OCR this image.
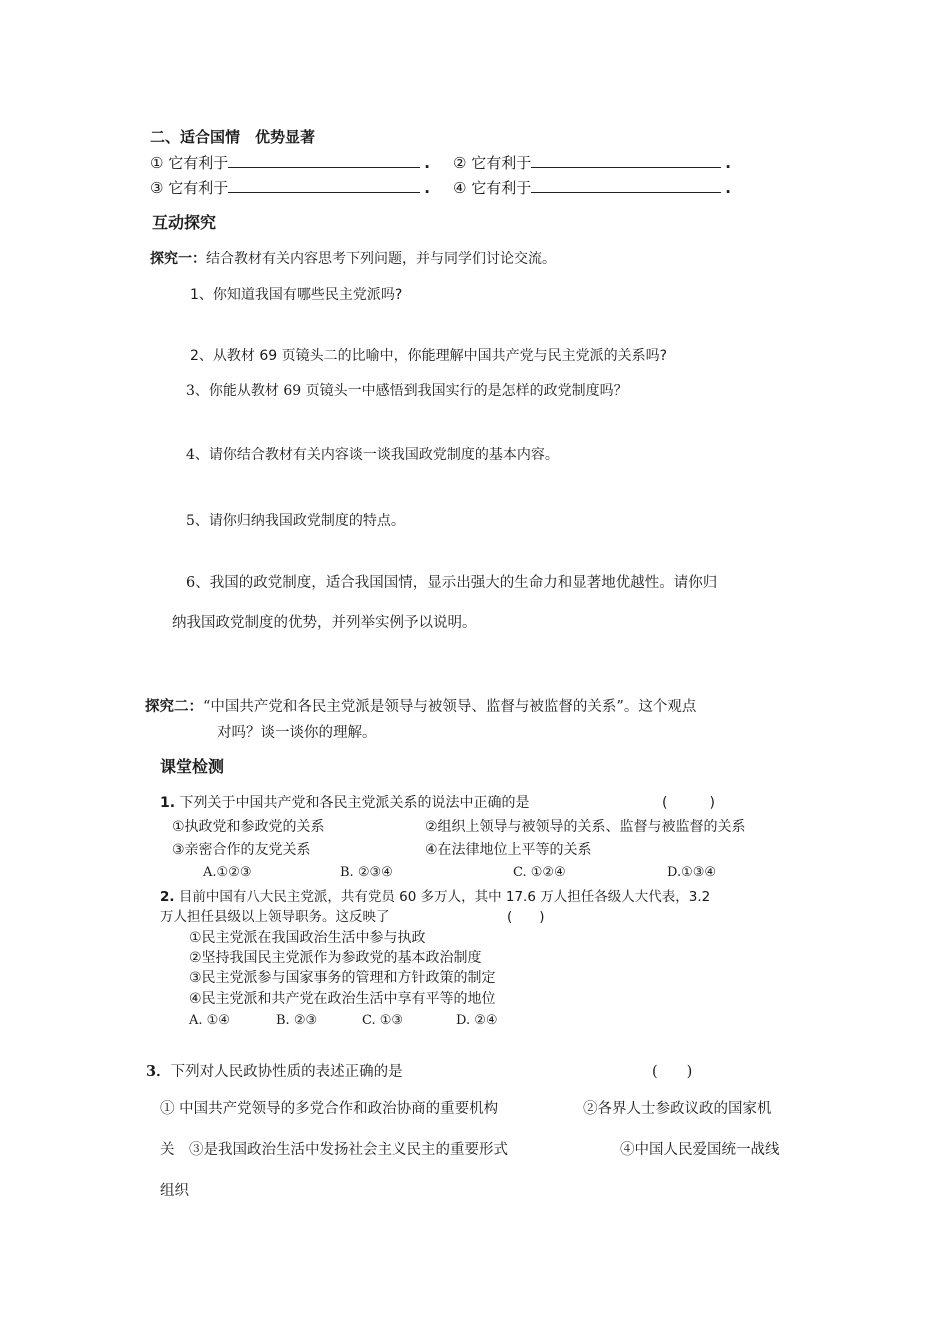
二、适合国情　优势显著
① 它有利于	. ② 它有利于	.
③ 它有利于	. ④ 它有利于	.
互动探究
探究一：结合教材有关内容思考下列问题，并与同学们讨论交流。
1、你知道我国有哪些民主党派吗?
2、从教材 69 页镜头二的比喻中，你能理解中国共产党与民主党派的关系吗?
3、你能从教材 69 页镜头一中感悟到我国实行的是怎样的政党制度吗？
4、请你结合教材有关内容谈一谈我国政党制度的基本内容。
5、请你归纳我国政党制度的特点。
6、我国的政党制度，适合我国国情，显示出强大的生命力和显著地优越性。请你归
纳我国政党制度的优势，并列举实例予以说明。
探究二：“中国共产党和各民主党派是领导与被领导、监督与被监督的关系”。这个观点
对吗？谈一谈你的理解。
课堂检测
1. 下列关于中国共产党和各民主党派关系的说法中正确的是	(　　　)
①执政党和参政党的关系	②组织上领导与被领导的关系、监督与被监督的关系
③亲密合作的友党关系	④在法律地位上平等的关系
A.①②③	B. ②③④	C. ①②④	D.①③④
2. 目前中国有八大民主党派，共有党员 60 多万人，其中 17.6 万人担任各级人大代表，3.2
万人担任县级以上领导职务。这反映了	(　　)
①民主党派在我国政治生活中参与执政
②坚持我国民主党派作为参政党的基本政治制度
③民主党派参与国家事务的管理和方针政策的制定
④民主党派和共产党在政治生活中享有平等的地位
A. ①④	B. ②③	C. ①③	D. ②④
3．下列对人民政协性质的表述正确的是	(　　)
① 中国共产党领导的多党合作和政治协商的重要机构	②各界人士参政议政的国家机
关　③是我国政治生活中发扬社会主义民主的重要形式	④中国人民爱国统一战线
组织
